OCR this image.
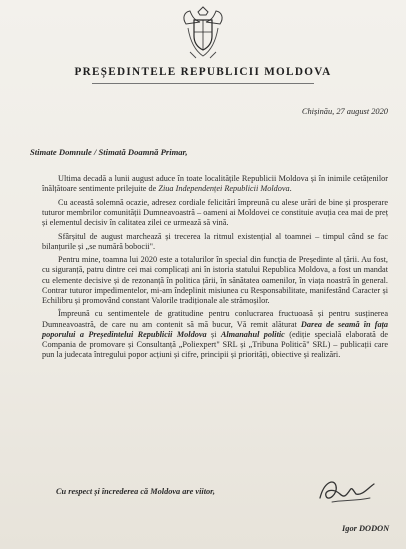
PREȘEDINTELE REPUBLICII MOLDOVA
Chișinău, 27 august 2020
Stimate Domnule / Stimată Doamnă Primar,

Ultima decadă a lunii august aduce în toate localitățile Republicii Moldova și în inimile cetățenilor înălțătoare sentimente prilejuite de Ziua Independenței Republicii Moldova.

Cu această solemnă ocazie, adresez cordiale felicitări împreună cu alese urări de bine și prosperare tuturor membrilor comunității Dumneavoastră – oameni ai Moldovei ce constituie avuția cea mai de preț și elementul decisiv în calitatea zilei ce urmează să vină.

Sfârșitul de august marchează și trecerea la ritmul existențial al toamnei – timpul când se fac bilanțurile și „se numără bobocii".

Pentru mine, toamna lui 2020 este a totalurilor în special din funcția de Președinte al țării. Au fost, cu siguranță, patru dintre cei mai complicați ani în istoria statului Republica Moldova, a fost un mandat cu elemente decisive și de rezonanță în politica țării, în sănătatea oamenilor, în viața noastră în general. Contrar tuturor impedimentelor, mi-am îndeplinit misiunea cu Responsabilitate, manifestând Caracter și Echilibru și promovând constant Valorile tradiționale ale strămoșilor.

Împreună cu sentimentele de gratitudine pentru conlucrarea fructuoasă și pentru susținerea Dumneavoastră, de care nu am contenit să mă bucur, Vă remit alăturat Darea de seamă în fața poporului a Președintelui Republicii Moldova și Almanahul politic (ediție specială elaborată de Compania de promovare și Consultanță „Poliexpert" SRL și „Tribuna Politică" SRL) – publicații care pun la judecata întregului popor acțiuni și cifre, principii și priorități, obiective și realizări.

Cu respect și încrederea că Moldova are viitor,
Igor DODON
